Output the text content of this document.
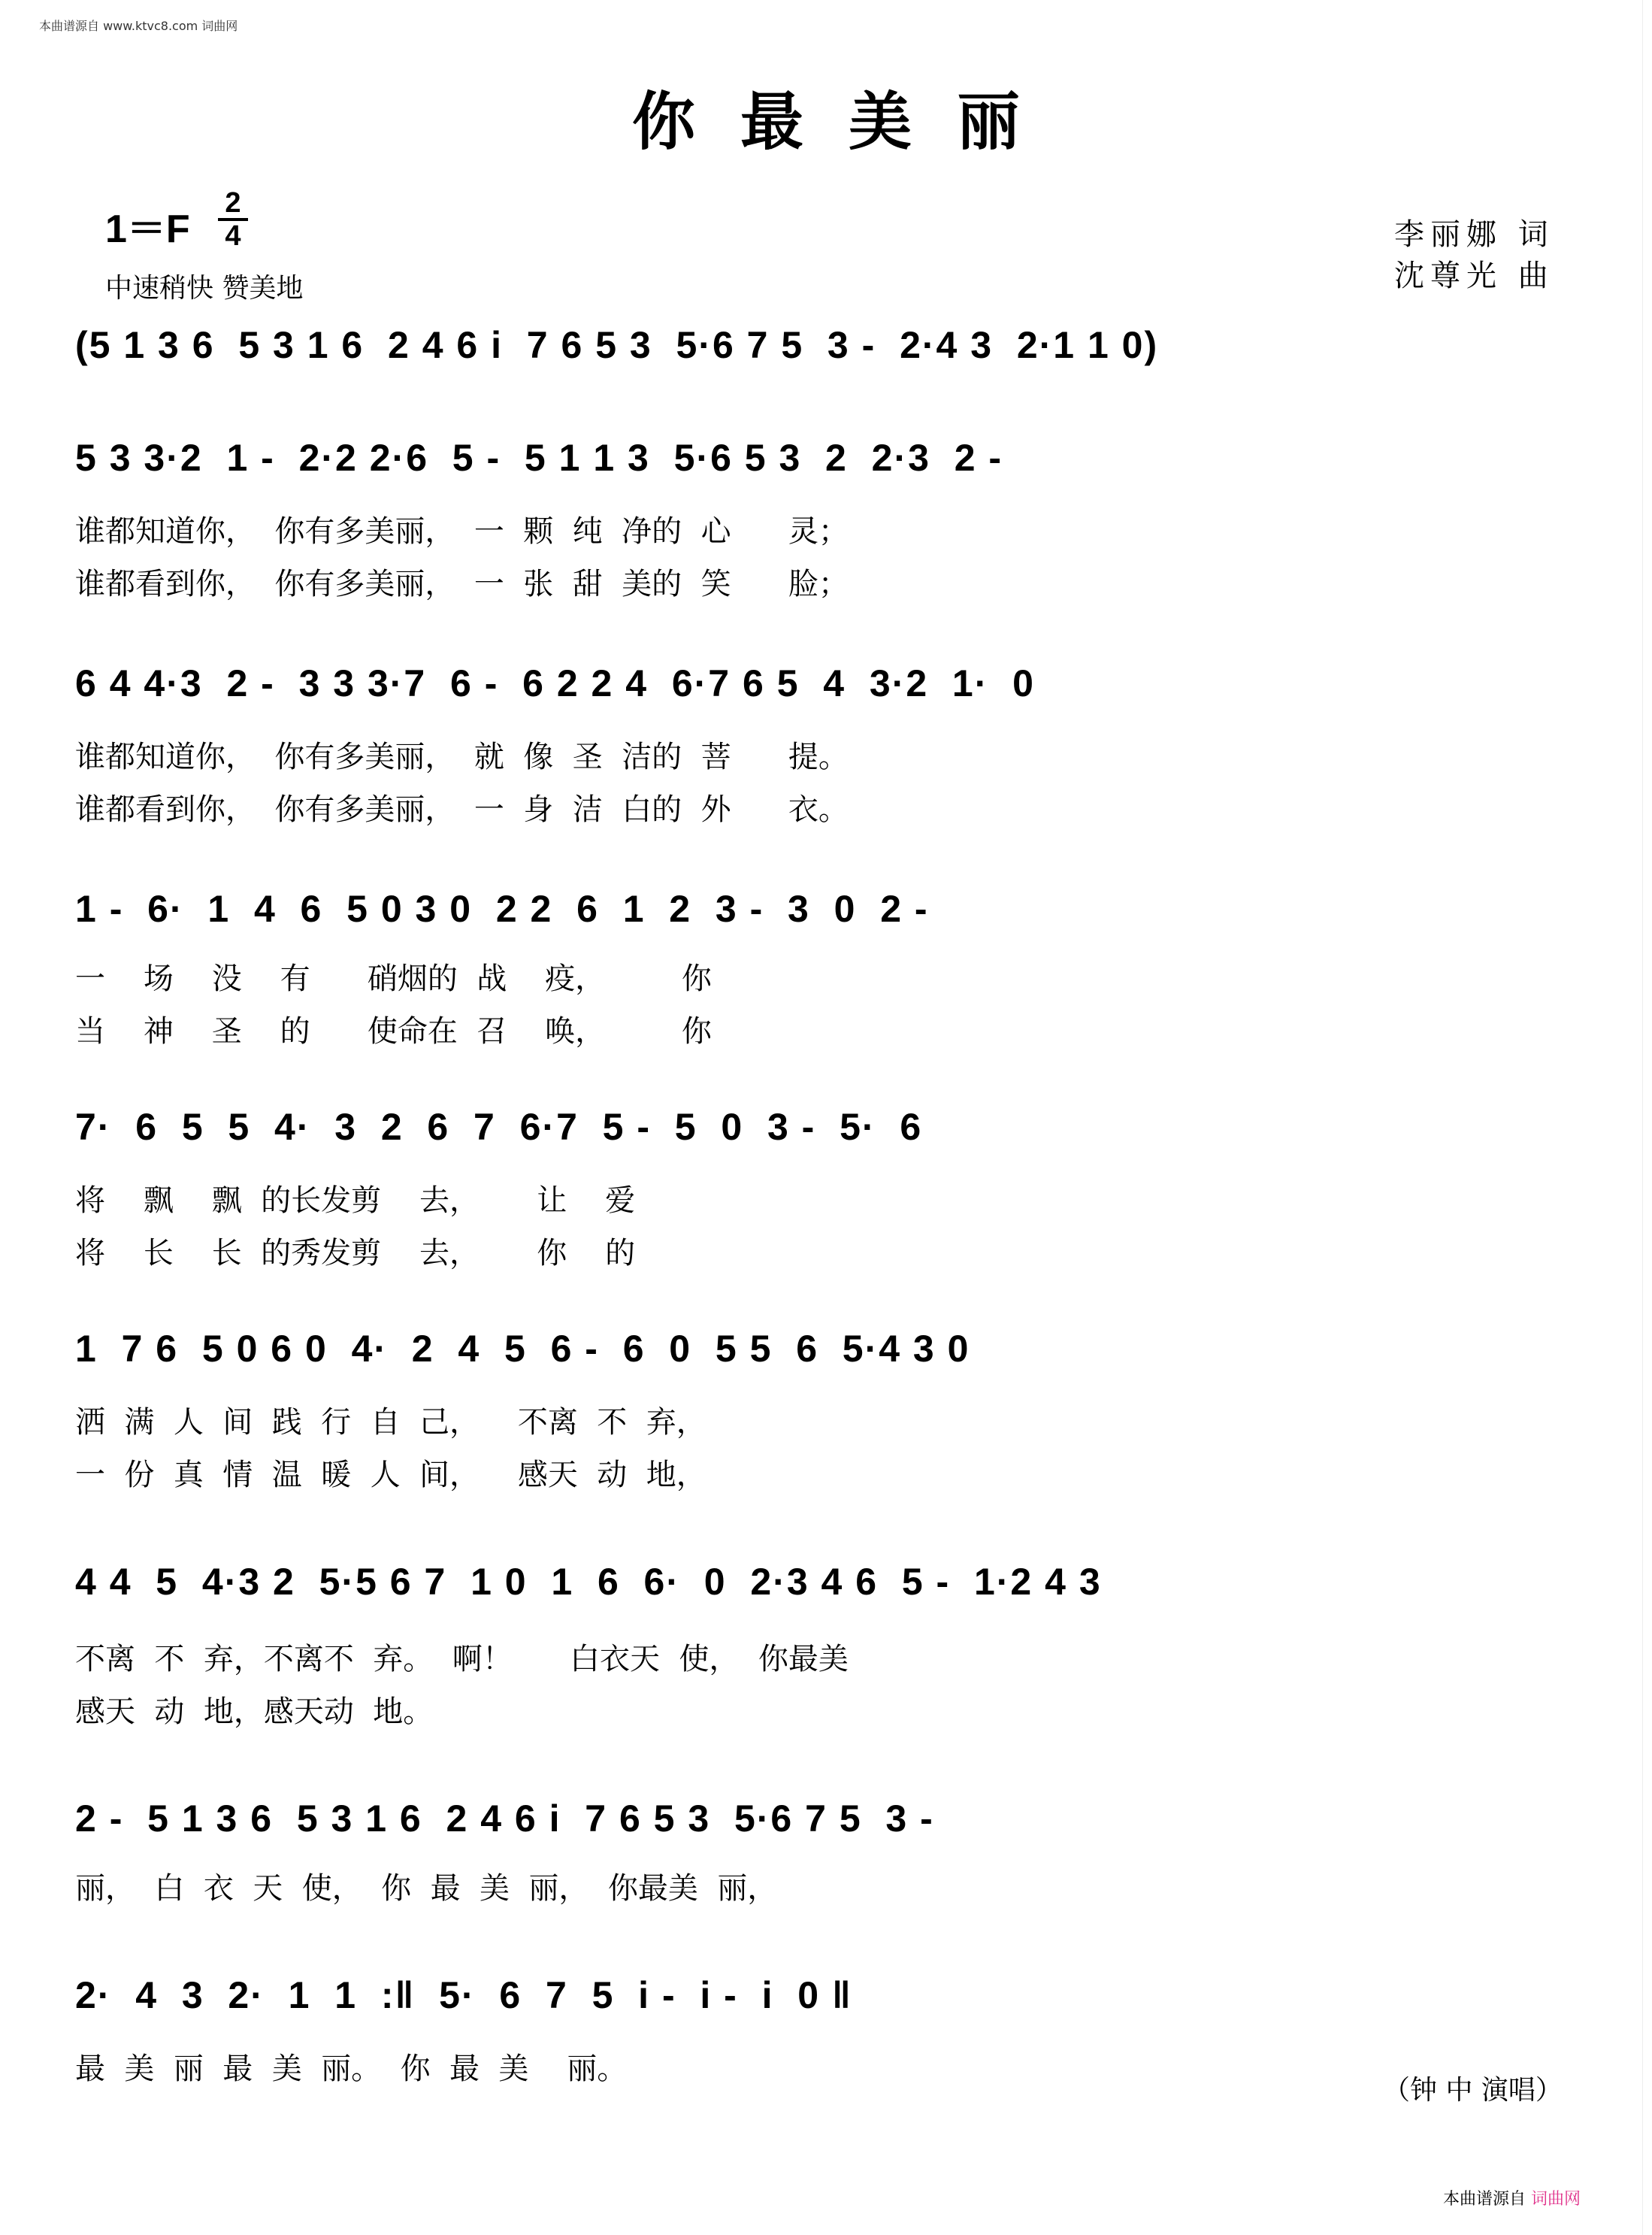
本曲谱源自 www.ktvc8.com 词曲网
你最美丽
1＝F
2
4
中速稍快 赞美地
李丽娜 词
沈尊光 曲
(5 1 3 6  5 3 1 6  2 4 6 i  7 6 5 3  5·6 7 5  3 -  2·4 3  2·1 1 0)
5 3 3·2  1 -  2·2 2·6  5 -  5 1 1 3  5·6 5 3  2  2·3  2 -
谁都知道你，  你有多美丽，  一  颗  纯  净的  心      灵；
谁都看到你，  你有多美丽，  一  张  甜  美的  笑      脸；
6 4 4·3  2 -  3 3 3·7  6 -  6 2 2 4  6·7 6 5  4  3·2  1·  0
谁都知道你，  你有多美丽，  就  像  圣  洁的  菩      提。
谁都看到你，  你有多美丽，  一  身  洁  白的  外      衣。
1 -  6·  1  4  6  5 0 3 0  2 2  6  1  2  3 -  3  0  2 -
一    场    没    有      硝烟的  战    疫，        你
当    神    圣    的      使命在  召    唤，        你
7·  6  5  5  4·  3  2  6  7  6·7  5 -  5  0  3 -  5·  6
将    飘    飘  的长发剪    去，      让    爱
将    长    长  的秀发剪    去，      你    的
1  7 6  5 0 6 0  4·  2  4  5  6 -  6  0  5 5  6  5·4 3 0
洒  满  人  间  践  行  自  己，    不离  不  弃，
一  份  真  情  温  暖  人  间，    感天  动  地，
4 4  5  4·3 2  5·5 6 7  1 0  1  6  6·  0  2·3 4 6  5 -  1·2 4 3
不离  不  弃，不离不  弃。  啊！      白衣天  使，  你最美
感天  动  地，感天动  地。
2 -  5 1 3 6  5 3 1 6  2 4 6 i  7 6 5 3  5·6 7 5  3 -
丽，  白  衣  天  使，  你  最  美  丽，  你最美  丽，
2·  4  3  2·  1  1  :‖  5·  6  7  5  i -  i -  i  0 ‖
最  美  丽  最  美  丽。  你  最  美    丽。
（钟 中 演唱）
本曲谱源自 词曲网
